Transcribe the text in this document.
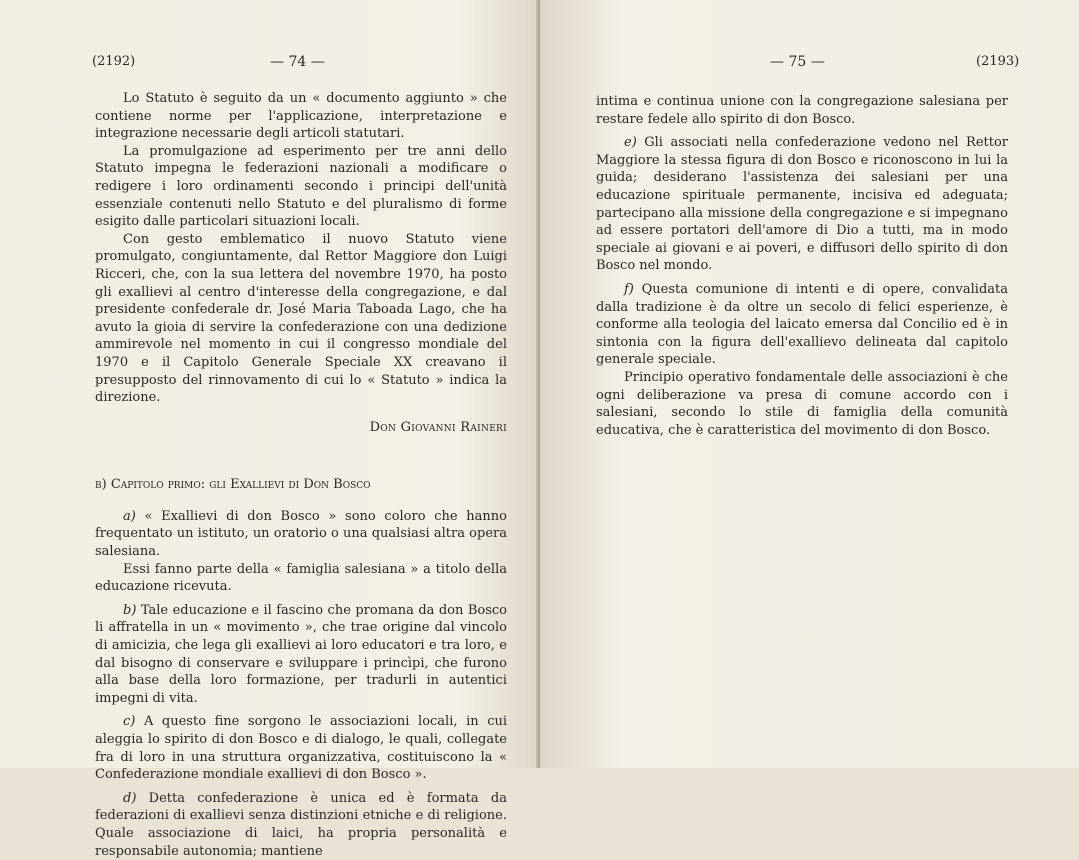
(2192)	— 74 —

Lo Statuto è seguito da un « documento aggiunto » che contiene norme per l'applicazione, interpretazione e integrazione necessarie degli articoli statutari.

La promulgazione ad esperimento per tre anni dello Statuto impegna le federazioni nazionali a modificare o redigere i loro ordinamenti secondo i principi dell'unità essenziale contenuti nello Statuto e del pluralismo di forme esigito dalle particolari situazioni locali.

Con gesto emblematico il nuovo Statuto viene promulgato, congiuntamente, dal Rettor Maggiore don Luigi Ricceri, che, con la sua lettera del novembre 1970, ha posto gli exallievi al centro d'interesse della congregazione, e dal presidente confederale dr. José Maria Taboada Lago, che ha avuto la gioia di servire la confederazione con una dedizione ammirevole nel momento in cui il congresso mondiale del 1970 e il Capitolo Generale Speciale XX creavano il presupposto del rinnovamento di cui lo « Statuto » indica la direzione.

Don Giovanni Raineri

b) Capitolo primo: gli Exallievi di Don Bosco

a) « Exallievi di don Bosco » sono coloro che hanno frequentato un istituto, un oratorio o una qualsiasi altra opera salesiana.

Essi fanno parte della « famiglia salesiana » a titolo della educazione ricevuta.

b) Tale educazione e il fascino che promana da don Bosco li affratella in un « movimento », che trae origine dal vincolo di amicizia, che lega gli exallievi ai loro educatori e tra loro, e dal bisogno di conservare e sviluppare i princìpi, che furono alla base della loro formazione, per tradurli in autentici impegni di vita.

c) A questo fine sorgono le associazioni locali, in cui aleggia lo spirito di don Bosco e di dialogo, le quali, collegate fra di loro in una struttura organizzativa, costituiscono la « Confederazione mondiale exallievi di don Bosco ».

d) Detta confederazione è unica ed è formata da federazioni di exallievi senza distinzioni etniche e di religione. Quale associazione di laici, ha propria personalità e responsabile autonomia; mantiene

— 75 —	(2193)

intima e continua unione con la congregazione salesiana per restare fedele allo spirito di don Bosco.

e) Gli associati nella confederazione vedono nel Rettor Maggiore la stessa figura di don Bosco e riconoscono in lui la guida; desiderano l'assistenza dei salesiani per una educazione spirituale permanente, incisiva ed adeguata; partecipano alla missione della congregazione e si impegnano ad essere portatori dell'amore di Dio a tutti, ma in modo speciale ai giovani e ai poveri, e diffusori dello spirito di don Bosco nel mondo.

f) Questa comunione di intenti e di opere, convalidata dalla tradizione è da oltre un secolo di felici esperienze, è conforme alla teologia del laicato emersa dal Concilio ed è in sintonia con la figura dell'exallievo delineata dal capitolo generale speciale.

Principio operativo fondamentale delle associazioni è che ogni deliberazione va presa di comune accordo con i salesiani, secondo lo stile di famiglia della comunità educativa, che è caratteristica del movimento di don Bosco.
